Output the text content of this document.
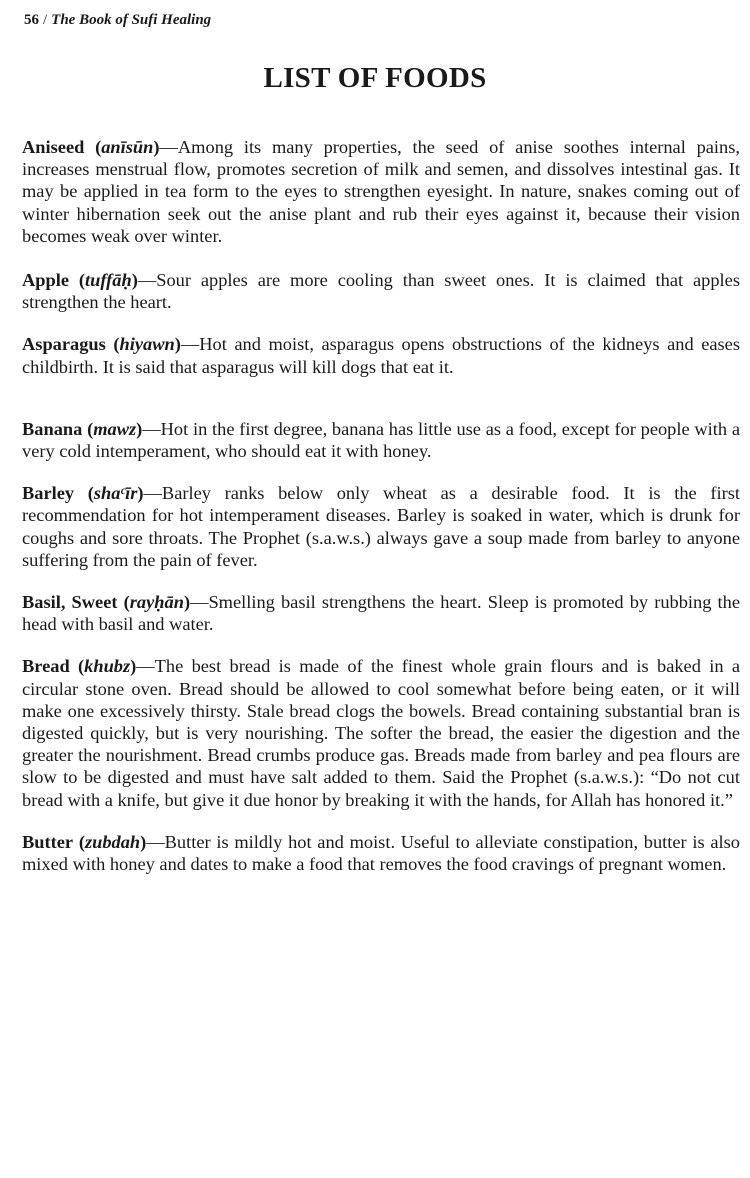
56 / The Book of Sufi Healing
LIST OF FOODS

Aniseed (anīsūn)—Among its many properties, the seed of anise soothes internal pains, increases menstrual flow, promotes secretion of milk and semen, and dissolves intestinal gas. It may be applied in tea form to the eyes to strengthen eyesight. In nature, snakes coming out of winter hibernation seek out the anise plant and rub their eyes against it, because their vision becomes weak over winter.

Apple (tuffāḥ)—Sour apples are more cooling than sweet ones. It is claimed that apples strengthen the heart.

Asparagus (hiyawn)—Hot and moist, asparagus opens obstructions of the kidneys and eases childbirth. It is said that asparagus will kill dogs that eat it.

Banana (mawz)—Hot in the first degree, banana has little use as a food, except for people with a very cold intemperament, who should eat it with honey.

Barley (shaᶜīr)—Barley ranks below only wheat as a desirable food. It is the first recommendation for hot intemperament diseases. Barley is soaked in water, which is drunk for coughs and sore throats. The Prophet (s.a.w.s.) always gave a soup made from barley to anyone suffering from the pain of fever.

Basil, Sweet (rayḥān)—Smelling basil strengthens the heart. Sleep is promoted by rubbing the head with basil and water.

Bread (khubz)—The best bread is made of the finest whole grain flours and is baked in a circular stone oven. Bread should be allowed to cool somewhat before being eaten, or it will make one excessively thirsty. Stale bread clogs the bowels. Bread containing substantial bran is digested quickly, but is very nourishing. The softer the bread, the easier the digestion and the greater the nourishment. Bread crumbs produce gas. Breads made from barley and pea flours are slow to be digested and must have salt added to them. Said the Prophet (s.a.w.s.): “Do not cut bread with a knife, but give it due honor by breaking it with the hands, for Allah has honored it.”

Butter (zubdah)—Butter is mildly hot and moist. Useful to alleviate constipation, butter is also mixed with honey and dates to make a food that removes the food cravings of pregnant women.
